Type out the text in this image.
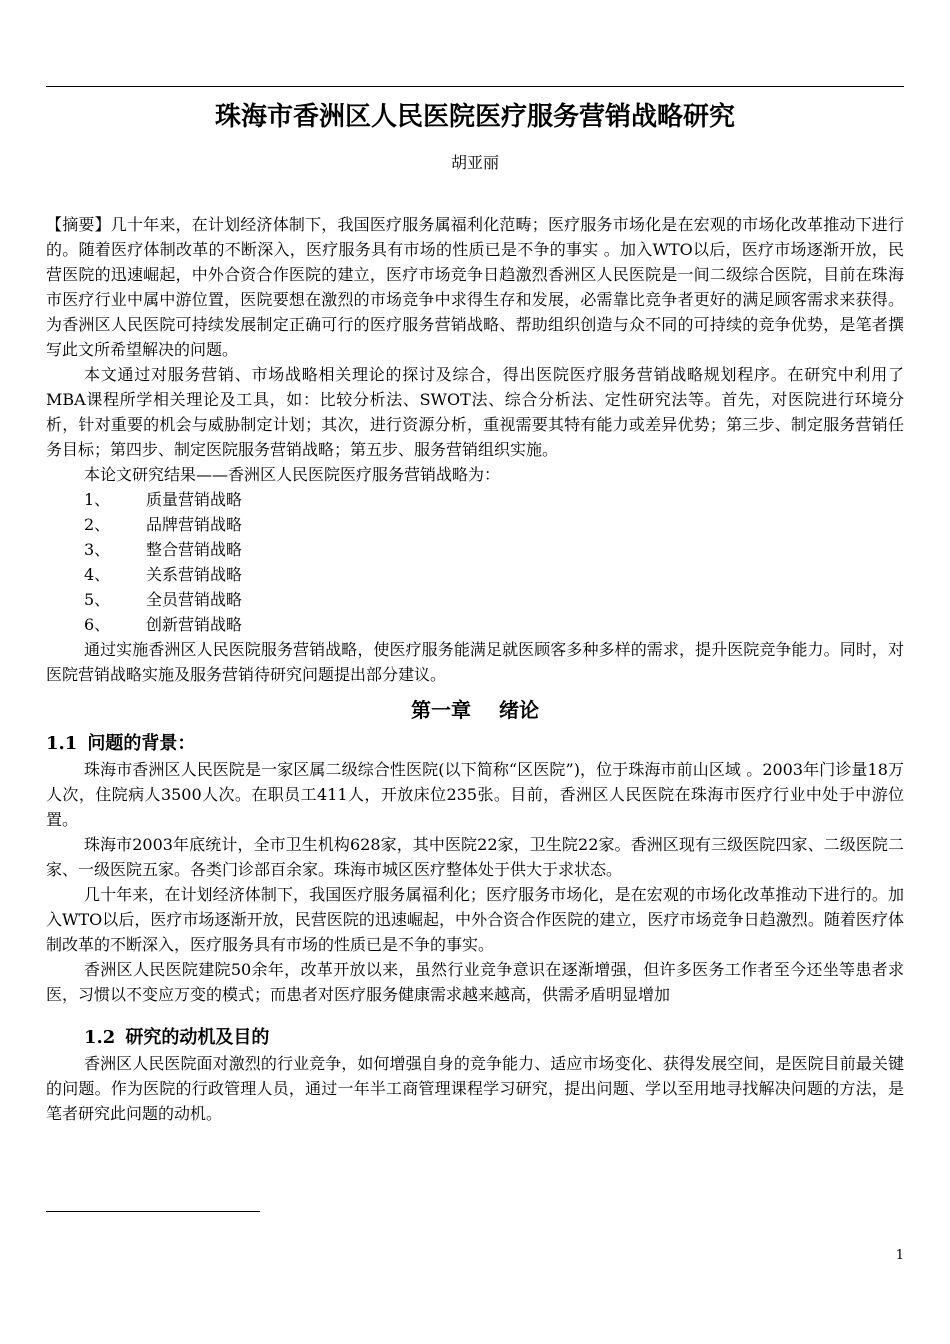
珠海市香洲区人民医院医疗服务营销战略研究
胡亚丽

【摘要】几十年来，在计划经济体制下，我国医疗服务属福利化范畴；医疗服务市场化是在宏观的市场化改革推动下进行的。随着医疗体制改革的不断深入，医疗服务具有市场的性质已是不争的事实 。加入WTO以后，医疗市场逐渐开放，民营医院的迅速崛起，中外合资合作医院的建立，医疗市场竞争日趋激烈香洲区人民医院是一间二级综合医院，目前在珠海市医疗行业中属中游位置，医院要想在激烈的市场竞争中求得生存和发展，必需靠比竞争者更好的满足顾客需求来获得。为香洲区人民医院可持续发展制定正确可行的医疗服务营销战略、帮助组织创造与众不同的可持续的竞争优势，是笔者撰写此文所希望解决的问题。

本文通过对服务营销、市场战略相关理论的探讨及综合，得出医院医疗服务营销战略规划程序。在研究中利用了MBA课程所学相关理论及工具，如：比较分析法、SWOT法、综合分析法、定性研究法等。首先，对医院进行环境分析，针对重要的机会与威胁制定计划；其次，进行资源分析，重视需要其特有能力或差异优势；第三步、制定服务营销任务目标；第四步、制定医院服务营销战略；第五步、服务营销组织实施。

本论文研究结果——香洲区人民医院医疗服务营销战略为：

1、	质量营销战略
2、	品牌营销战略
3、	整合营销战略
4、	关系营销战略
5、	全员营销战略
6、	创新营销战略

通过实施香洲区人民医院服务营销战略，使医疗服务能满足就医顾客多种多样的需求，提升医院竞争能力。同时，对医院营销战略实施及服务营销待研究问题提出部分建议。

第一章 绪论
1.1 问题的背景：

珠海市香洲区人民医院是一家区属二级综合性医院(以下简称“区医院”)，位于珠海市前山区域 。2003年门诊量18万人次，住院病人3500人次。在职员工411人，开放床位235张。目前，香洲区人民医院在珠海市医疗行业中处于中游位置。

珠海市2003年底统计，全市卫生机构628家，其中医院22家，卫生院22家。香洲区现有三级医院四家、二级医院二家、一级医院五家。各类门诊部百余家。珠海市城区医疗整体处于供大于求状态。

几十年来，在计划经济体制下，我国医疗服务属福利化；医疗服务市场化，是在宏观的市场化改革推动下进行的。加入WTO以后，医疗市场逐渐开放，民营医院的迅速崛起，中外合资合作医院的建立，医疗市场竞争日趋激烈。随着医疗体制改革的不断深入，医疗服务具有市场的性质已是不争的事实。

香洲区人民医院建院50余年，改革开放以来，虽然行业竞争意识在逐渐增强，但许多医务工作者至今还坐等患者求医，习惯以不变应万变的模式；而患者对医疗服务健康需求越来越高，供需矛盾明显增加

1.2 研究的动机及目的

香洲区人民医院面对激烈的行业竞争，如何增强自身的竞争能力、适应市场变化、获得发展空间，是医院目前最关键的问题。作为医院的行政管理人员，通过一年半工商管理课程学习研究，提出问题、学以至用地寻找解决问题的方法，是笔者研究此问题的动机。

1
